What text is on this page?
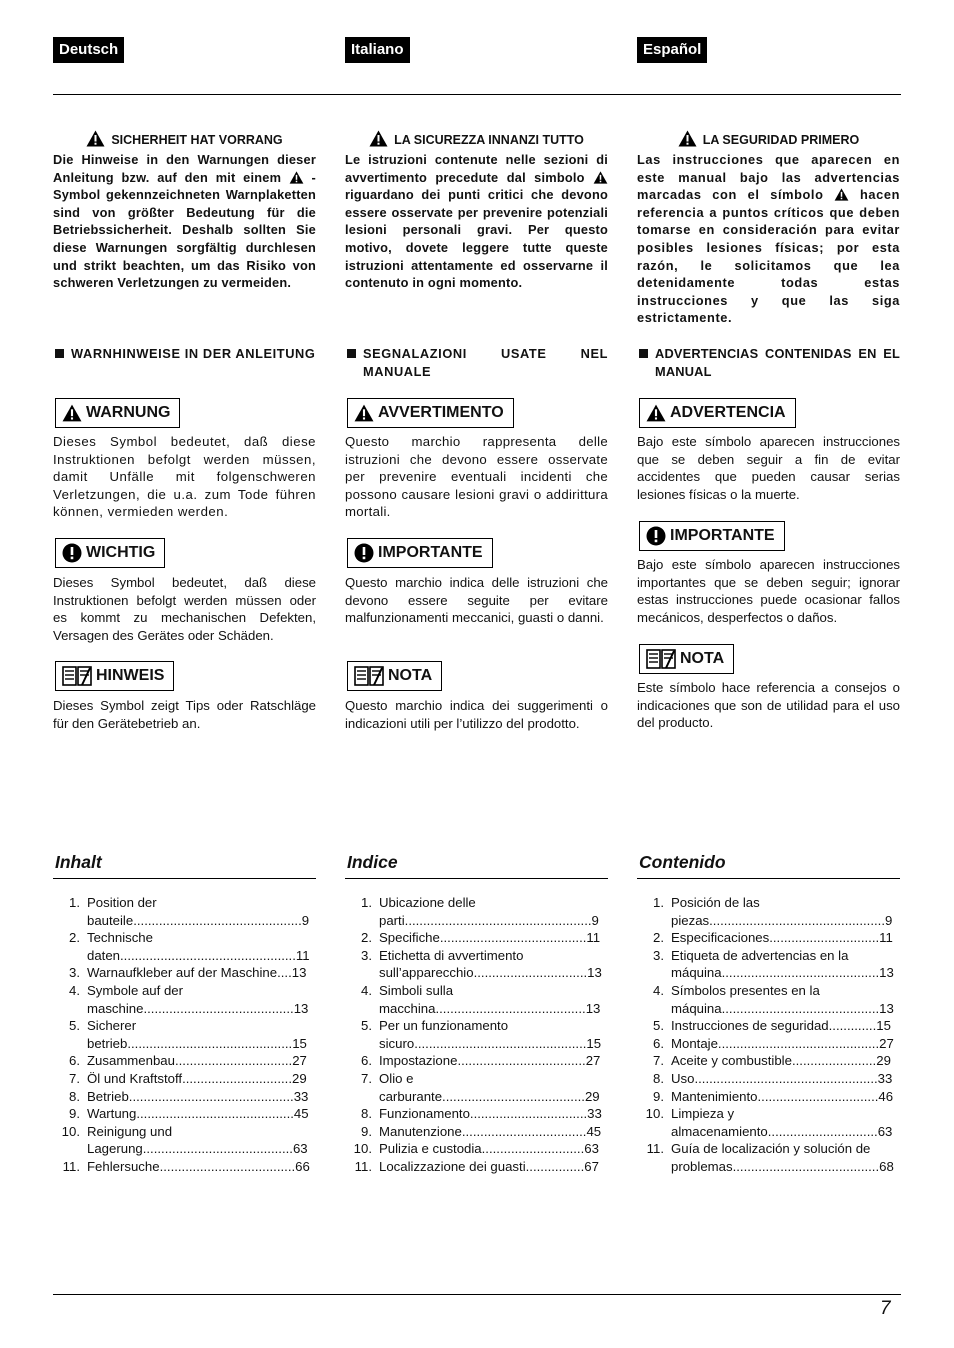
Deutsch
SICHERHEIT HAT VORRANG
Die Hinweise in den Warnungen dieser Anleitung bzw. auf den mit einem -Symbol gekennzeichneten Warnplaketten sind von größter Bedeutung für die Betriebssicherheit. Deshalb sollten Sie diese Warnungen sorgfältig durchlesen und strikt beachten, um das Risiko von schweren Verletzungen zu vermeiden.
WARNHINWEISE IN DER ANLEITUNG
WARNUNG
Dieses Symbol bedeutet, daß diese Instruktionen befolgt werden müssen, damit Unfälle mit folgenschweren Verletzungen, die u.a. zum Tode führen können, vermieden werden.
WICHTIG
Dieses Symbol bedeutet, daß diese Instruktionen befolgt werden müssen oder es kommt zu mechanischen Defekten, Versagen des Gerätes oder Schäden.
HINWEIS
Dieses Symbol zeigt Tips oder Ratschläge für den Gerätebetrieb an.
Inhalt
1. Position der bauteile..............................................9
2. Technische daten................................................11
3. Warnaufkleber auf der Maschine....13
4. Symbole auf der maschine.........................................13
5. Sicherer betrieb.............................................15
6. Zusammenbau................................27
7. Öl und Kraftstoff..............................29
8. Betrieb.............................................33
9. Wartung...........................................45
10. Reinigung und Lagerung.........................................63
11. Fehlersuche.....................................66
Italiano
LA SICUREZZA INNANZI TUTTO
Le istruzioni contenute nelle sezioni di avvertimento precedute dal simbolo  riguardano dei punti critici che devono essere osservate per prevenire potenziali lesioni personali gravi. Per questo motivo, dovete leggere tutte queste istruzioni attentamente ed osservarne il contenuto in ogni momento.
SEGNALAZIONI USATE NEL MANUALE
AVVERTIMENTO
Questo marchio rappresenta delle istruzioni che devono essere osservate per prevenire eventuali incidenti che possono causare lesioni gravi o addirittura mortali.
IMPORTANTE
Questo marchio indica delle istruzioni che devono essere seguite per evitare malfunzionamenti meccanici, guasti o danni.
NOTA
Questo marchio indica dei suggerimenti o indicazioni utili per l’utilizzo del prodotto.
Indice
1. Ubicazione delle parti...................................................9
2. Specifiche........................................11
3. Etichetta di avvertimento sull’apparecchio...............................13
4. Simboli sulla macchina.........................................13
5. Per un funzionamento sicuro...............................................15
6. Impostazione...................................27
7. Olio e carburante.......................................29
8. Funzionamento................................33
9. Manutenzione..................................45
10. Pulizia e custodia............................63
11. Localizzazione dei guasti................67
Español
LA SEGURIDAD PRIMERO
Las instrucciones que aparecen en este manual bajo las advertencias marcadas con el símbolo	hacen referencia a puntos críticos que deben tomarse en consideración para evitar posibles lesiones físicas; por esta razón, le solicitamos que lea detenidamente todas estas instrucciones y que las siga estrictamente.
ADVERTENCIAS CONTENIDAS EN EL MANUAL
ADVERTENCIA
Bajo este símbolo aparecen instrucciones que se deben seguir a fin de evitar accidentes que pueden causar serias lesiones físicas o la muerte.
IMPORTANTE
Bajo este símbolo aparecen instrucciones importantes que se deben seguir; ignorar estas instrucciones puede ocasionar fallos mecánicos, desperfectos o daños.
NOTA
Este símbolo hace referencia a consejos o indicaciones que son de utilidad para el uso del producto.
Contenido
1. Posición de las piezas................................................9
2. Especificaciones..............................11
3. Etiqueta de advertencias en la máquina...........................................13
4. Símbolos presentes en la máquina...........................................13
5. Instrucciones de seguridad.............15
6. Montaje............................................27
7. Aceite y combustible.......................29
8. Uso..................................................33
9. Mantenimiento.................................46
10. Limpieza y almacenamiento..............................63
11. Guía de localización y solución de problemas........................................68
7
